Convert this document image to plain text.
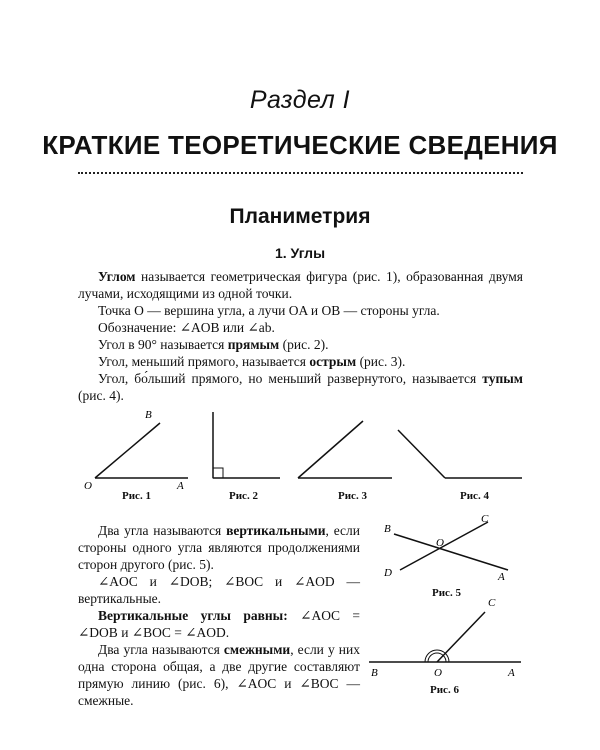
Раздел I
КРАТКИЕ ТЕОРЕТИЧЕСКИЕ СВЕДЕНИЯ
Планиметрия
1. Углы

Углом называется геометрическая фигура (рис. 1), образованная двумя лучами, исходящими из одной точки.

Точка O — вершина угла, а лучи OA и OB — стороны угла.

Обозначение: ∠AOB или ∠ab.

Угол в 90° называется прямым (рис. 2).

Угол, меньший прямого, называется острым (рис. 3).

Угол, бо́льший прямого, но меньший развернутого, называется тупым (рис. 4).

B
O	A
Рис. 1	Рис. 2	Рис. 3	Рис. 4

Два угла называются вертикальными, если стороны одного угла являются продолжениями сторон другого (рис. 5).

∠AOC и ∠DOB; ∠BOC и ∠AOD — вертикальные.

Вертикальные углы равны: ∠AOC = ∠DOB и ∠BOC = ∠AOD.

Два угла называются смежными, если у них одна сторона общая, а две другие составляют прямую линию (рис. 6), ∠AOC и ∠BOC — смежные.

B
O
C
D	A
Рис. 5
C
B	O	A
Рис. 6
